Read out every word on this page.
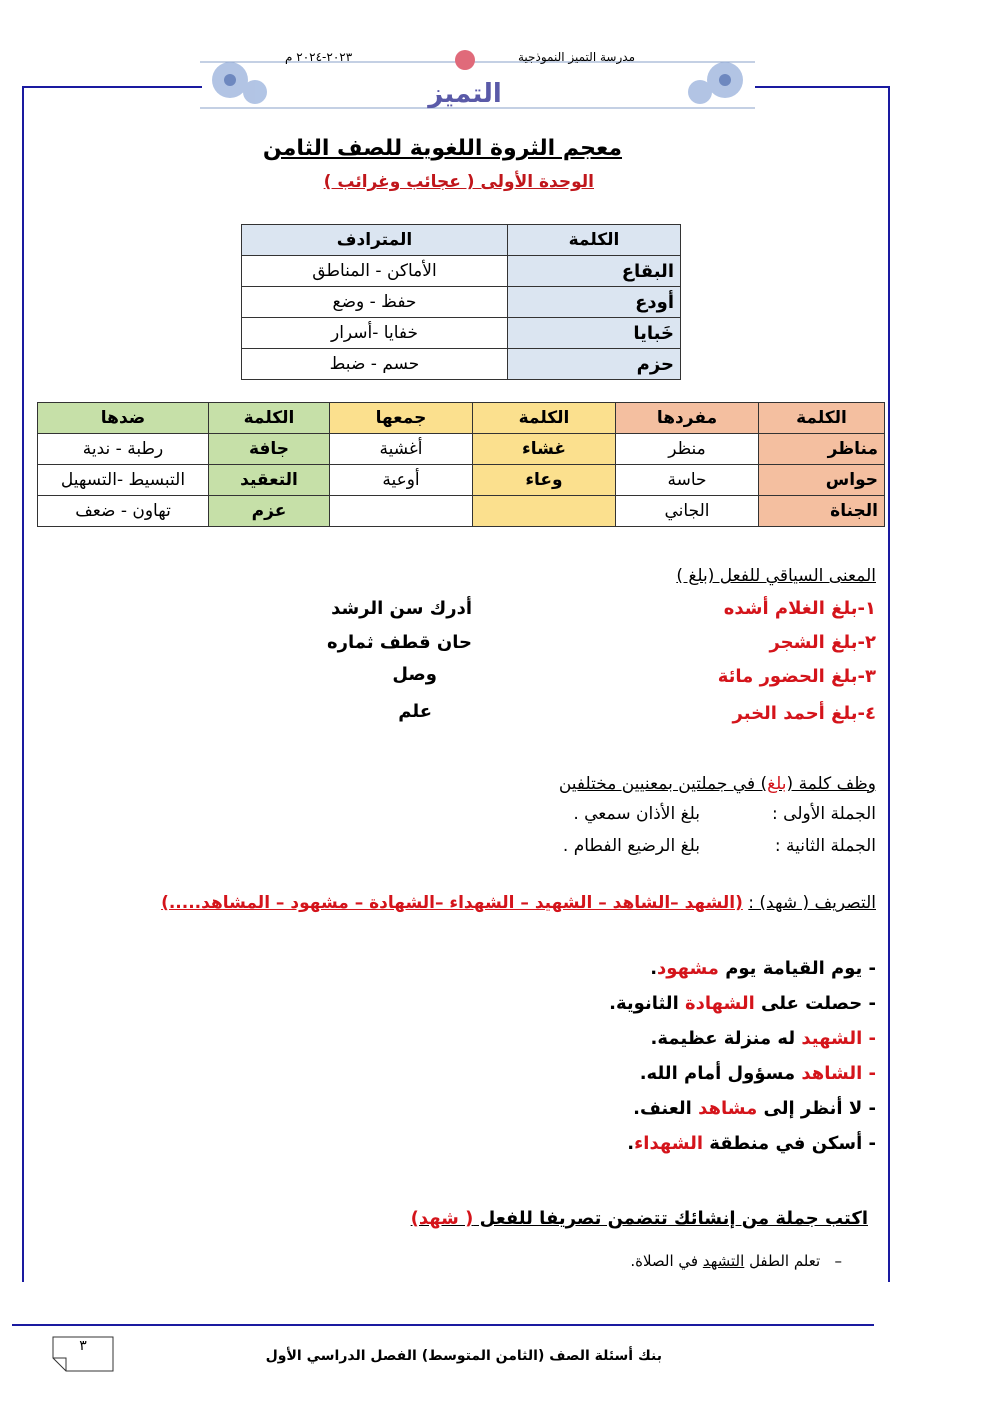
التميز
مدرسة التميز النموذجية
٢٠٢٣-٢٠٢٤ م
معجم الثروة اللغوية للصف الثامن
الوحدة الأولى ( عجائب وغرائب )
الكلمة	المترادف
البقاع	الأماكن - المناطق
أودع	حفظ - وضع
خَبايا	خفايا -أسرار
حزم	حسم - ضبط
الكلمة	مفردها	الكلمة	جمعها	الكلمة	ضدها
مناظر	منظر	غشاء	أغشية	جافة	رطبة - ندية
حواس	حاسة	وعاء	أوعية	التعقيد	التبسيط -التسهيل
الجناة	الجاني			عزم	تهاون - ضعف
المعنى السياقي للفعل (بلغ )
١-بلغ الغلام أشده
أدرك سن الرشد
٢-بلغ الشجر
حان قطف ثماره
٣-بلغ الحضور مائة
وصل
٤-بلغ أحمد الخبر
علم
وظف كلمة (بلغ) في جملتين بمعنيين مختلفين
الجملة الأولى :
بلغ الأذان سمعي .
الجملة الثانية :
بلغ الرضيع الفطام .
التصريف ( شهد) : (الشهد –الشاهد – الشهيد – الشهداء –الشهادة – مشهود – المشاهد.....)
- يوم القيامة يوم مشهود.
- حصلت على الشهادة الثانوية.
- الشهيد له منزلة عظيمة.
- الشاهد مسؤول أمام الله.
- لا أنظر إلى مشاهد العنف.
- أسكن في منطقة الشهداء.
اكتب جملة من إنشائك تتضمن تصريفا للفعل ( شهد)
–   تعلم الطفل التشهد في الصلاة.
٣
بنك أسئلة الصف (الثامن المتوسط) الفصل الدراسي الأول
